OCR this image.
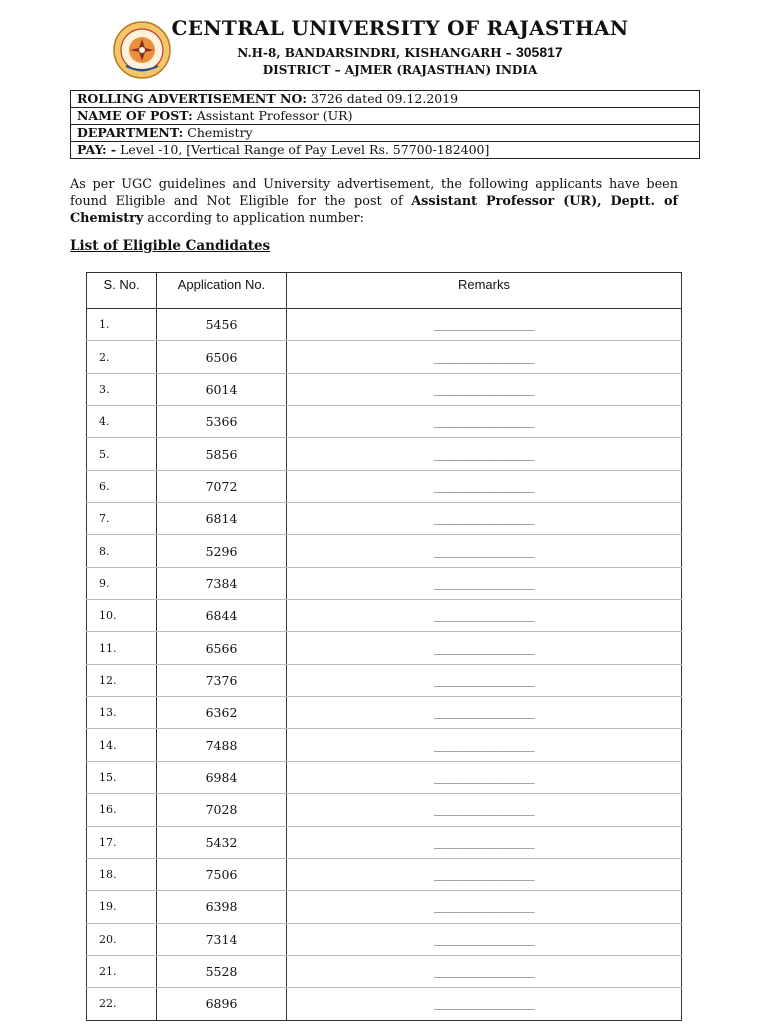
CENTRAL UNIVERSITY OF RAJASTHAN
N.H-8, BANDARSINDRI, KISHANGARH – 305817
DISTRICT – AJMER (RAJASTHAN) INDIA
ROLLING ADVERTISEMENT NO: 3726 dated 09.12.2019
NAME OF POST: Assistant Professor (UR)
DEPARTMENT: Chemistry
PAY: - Level -10, [Vertical Range of Pay Level Rs. 57700-182400]

As per UGC guidelines and University advertisement, the following applicants have been found Eligible and Not Eligible for the post of Assistant Professor (UR), Deptt. of Chemistry according to application number:

List of Eligible Candidates

S. No.	Application No.	Remarks
1.	5456	____________________
2.	6506	____________________
3.	6014	____________________
4.	5366	____________________
5.	5856	____________________
6.	7072	____________________
7.	6814	____________________
8.	5296	____________________
9.	7384	____________________
10.	6844	____________________
11.	6566	____________________
12.	7376	____________________
13.	6362	____________________
14.	7488	____________________
15.	6984	____________________
16.	7028	____________________
17.	5432	____________________
18.	7506	____________________
19.	6398	____________________
20.	7314	____________________
21.	5528	____________________
22.	6896	____________________
